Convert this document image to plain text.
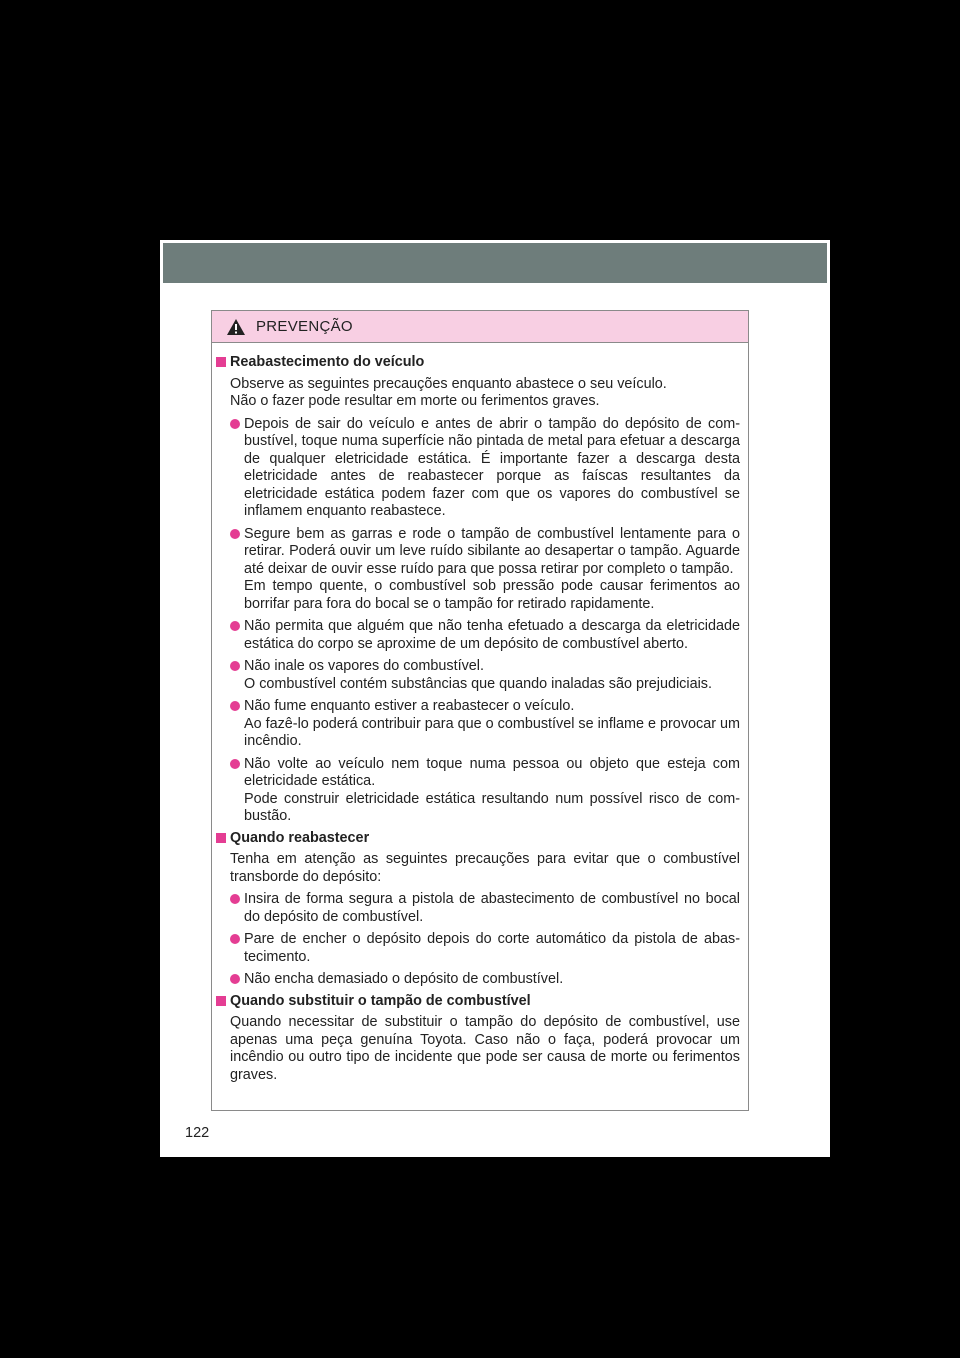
PREVENÇÃO
Reabastecimento do veículo
Observe as seguintes precauções enquanto abastece o seu veículo.
Não o fazer pode resultar em morte ou ferimentos graves.
Depois de sair do veículo e antes de abrir o tampão do depósito de combustível, toque numa superfície não pintada de metal para efetuar a descarga de qualquer eletricidade estática. É importante fazer a descarga desta eletricidade antes de reabastecer porque as faíscas resultantes da eletricidade estática podem fazer com que os vapores do combustível se inflamem enquanto reabastece.
Segure bem as garras e rode o tampão de combustível lentamente para o retirar. Poderá ouvir um leve ruído sibilante ao desapertar o tampão. Aguarde até deixar de ouvir esse ruído para que possa retirar por completo o tampão.
Em tempo quente, o combustível sob pressão pode causar ferimentos ao borrifar para fora do bocal se o tampão for retirado rapidamente.
Não permita que alguém que não tenha efetuado a descarga da eletricidade estática do corpo se aproxime de um depósito de combustível aberto.
Não inale os vapores do combustível.
O combustível contém substâncias que quando inaladas são prejudiciais.
Não fume enquanto estiver a reabastecer o veículo.
Ao fazê-lo poderá contribuir para que o combustível se inflame e provocar um incêndio.
Não volte ao veículo nem toque numa pessoa ou objeto que esteja com eletricidade estática.
Pode construir eletricidade estática resultando num possível risco de combustão.
Quando reabastecer
Tenha em atenção as seguintes precauções para evitar que o combustível transborde do depósito:
Insira de forma segura a pistola de abastecimento de combustível no bocal do depósito de combustível.
Pare de encher o depósito depois do corte automático da pistola de abastecimento.
Não encha demasiado o depósito de combustível.
Quando substituir o tampão de combustível
Quando necessitar de substituir o tampão do depósito de combustível, use apenas uma peça genuína Toyota. Caso não o faça, poderá provocar um incêndio ou outro tipo de incidente que pode ser causa de morte ou ferimentos graves.
122
